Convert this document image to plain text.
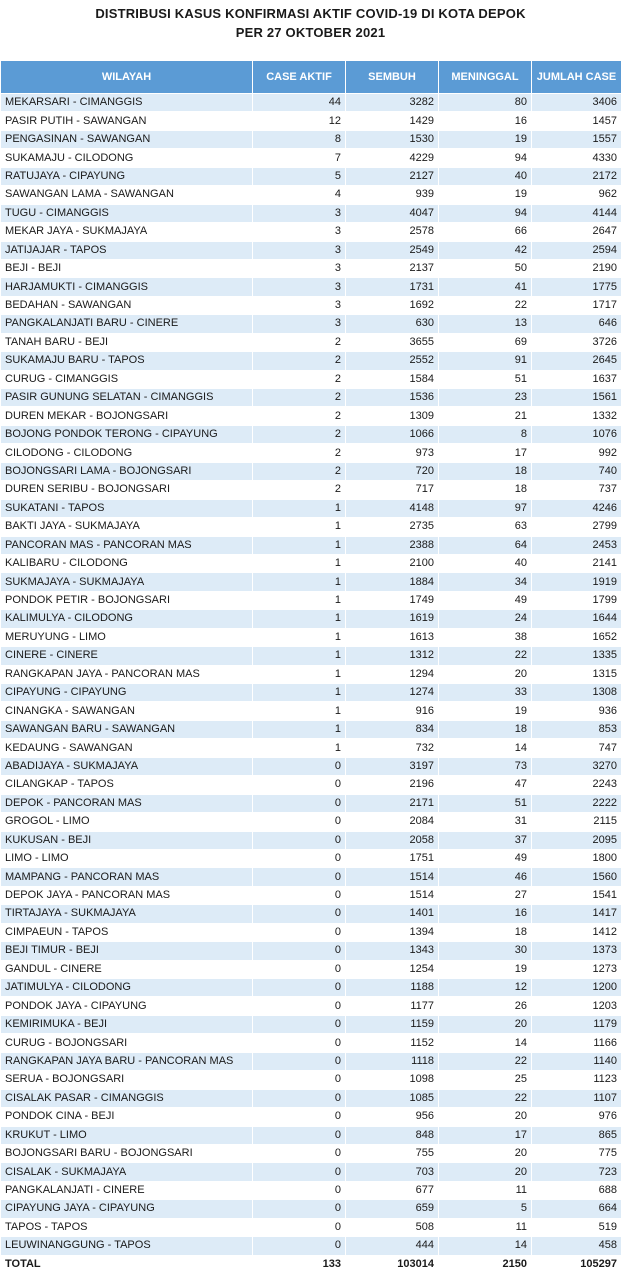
DISTRIBUSI KASUS KONFIRMASI AKTIF COVID-19 DI KOTA DEPOK
PER 27 OKTOBER 2021
WILAYAH	CASE AKTIF	SEMBUH	MENINGGAL	JUMLAH CASE
MEKARSARI - CIMANGGIS	44	3282	80	3406
PASIR PUTIH - SAWANGAN	12	1429	16	1457
PENGASINAN - SAWANGAN	8	1530	19	1557
SUKAMAJU - CILODONG	7	4229	94	4330
RATUJAYA - CIPAYUNG	5	2127	40	2172
SAWANGAN LAMA - SAWANGAN	4	939	19	962
TUGU - CIMANGGIS	3	4047	94	4144
MEKAR JAYA - SUKMAJAYA	3	2578	66	2647
JATIJAJAR - TAPOS	3	2549	42	2594
BEJI - BEJI	3	2137	50	2190
HARJAMUKTI - CIMANGGIS	3	1731	41	1775
BEDAHAN - SAWANGAN	3	1692	22	1717
PANGKALANJATI BARU - CINERE	3	630	13	646
TANAH BARU - BEJI	2	3655	69	3726
SUKAMAJU BARU - TAPOS	2	2552	91	2645
CURUG - CIMANGGIS	2	1584	51	1637
PASIR GUNUNG SELATAN - CIMANGGIS	2	1536	23	1561
DUREN MEKAR - BOJONGSARI	2	1309	21	1332
BOJONG PONDOK TERONG - CIPAYUNG	2	1066	8	1076
CILODONG - CILODONG	2	973	17	992
BOJONGSARI LAMA - BOJONGSARI	2	720	18	740
DUREN SERIBU - BOJONGSARI	2	717	18	737
SUKATANI - TAPOS	1	4148	97	4246
BAKTI JAYA - SUKMAJAYA	1	2735	63	2799
PANCORAN MAS - PANCORAN MAS	1	2388	64	2453
KALIBARU - CILODONG	1	2100	40	2141
SUKMAJAYA - SUKMAJAYA	1	1884	34	1919
PONDOK PETIR - BOJONGSARI	1	1749	49	1799
KALIMULYA - CILODONG	1	1619	24	1644
MERUYUNG - LIMO	1	1613	38	1652
CINERE - CINERE	1	1312	22	1335
RANGKAPAN JAYA - PANCORAN MAS	1	1294	20	1315
CIPAYUNG - CIPAYUNG	1	1274	33	1308
CINANGKA - SAWANGAN	1	916	19	936
SAWANGAN BARU - SAWANGAN	1	834	18	853
KEDAUNG - SAWANGAN	1	732	14	747
ABADIJAYA - SUKMAJAYA	0	3197	73	3270
CILANGKAP - TAPOS	0	2196	47	2243
DEPOK - PANCORAN MAS	0	2171	51	2222
GROGOL - LIMO	0	2084	31	2115
KUKUSAN - BEJI	0	2058	37	2095
LIMO - LIMO	0	1751	49	1800
MAMPANG - PANCORAN MAS	0	1514	46	1560
DEPOK JAYA - PANCORAN MAS	0	1514	27	1541
TIRTAJAYA - SUKMAJAYA	0	1401	16	1417
CIMPAEUN - TAPOS	0	1394	18	1412
BEJI TIMUR - BEJI	0	1343	30	1373
GANDUL - CINERE	0	1254	19	1273
JATIMULYA - CILODONG	0	1188	12	1200
PONDOK JAYA - CIPAYUNG	0	1177	26	1203
KEMIRIMUKA - BEJI	0	1159	20	1179
CURUG - BOJONGSARI	0	1152	14	1166
RANGKAPAN JAYA BARU - PANCORAN MAS	0	1118	22	1140
SERUA - BOJONGSARI	0	1098	25	1123
CISALAK PASAR - CIMANGGIS	0	1085	22	1107
PONDOK CINA - BEJI	0	956	20	976
KRUKUT - LIMO	0	848	17	865
BOJONGSARI BARU - BOJONGSARI	0	755	20	775
CISALAK - SUKMAJAYA	0	703	20	723
PANGKALANJATI - CINERE	0	677	11	688
CIPAYUNG JAYA - CIPAYUNG	0	659	5	664
TAPOS - TAPOS	0	508	11	519
LEUWINANGGUNG - TAPOS	0	444	14	458
TOTAL	133	103014	2150	105297
